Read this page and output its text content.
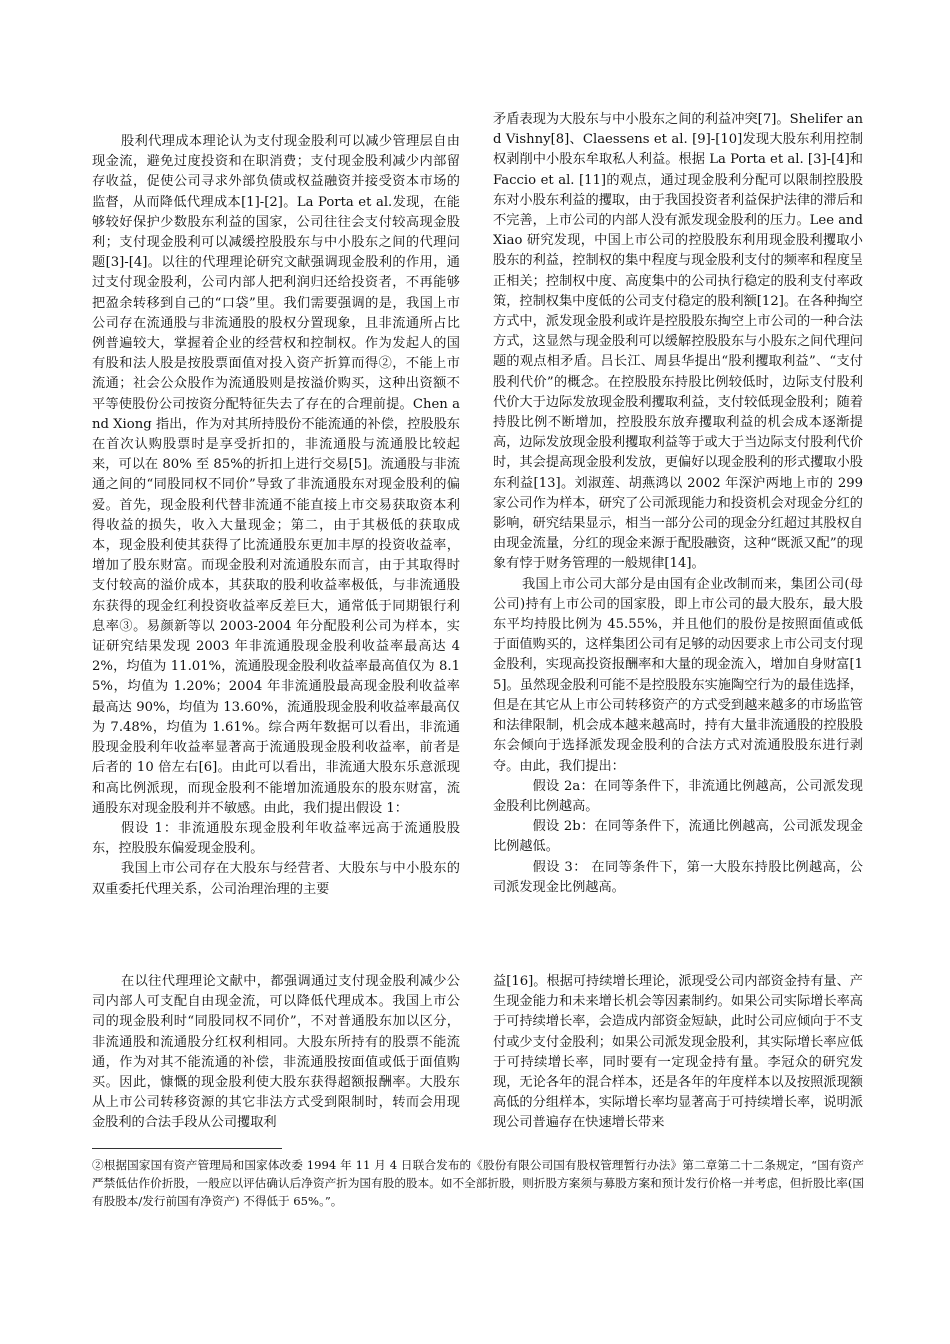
股利代理成本理论认为支付现金股利可以减少管理层自由现金流，避免过度投资和在职消费；支付现金股利减少内部留存收益，促使公司寻求外部负债或权益融资并接受资本市场的监督，从而降低代理成本[1]-[2]。La Porta et al.发现，在能够较好保护少数股东利益的国家，公司往往会支付较高现金股利；支付现金股利可以减缓控股股东与中小股东之间的代理问题[3]-[4]。以往的代理理论研究文献强调现金股利的作用，通过支付现金股利，公司内部人把利润归还给投资者，不再能够把盈余转移到自己的“口袋”里。我们需要强调的是，我国上市公司存在流通股与非流通股的股权分置现象，且非流通所占比例普遍较大，掌握着企业的经营权和控制权。作为发起人的国有股和法人股是按股票面值对投入资产折算而得②，不能上市流通；社会公众股作为流通股则是按溢价购买，这种出资额不平等使股份公司按资分配特征失去了存在的合理前提。Chen and Xiong 指出，作为对其所持股份不能流通的补偿，控股股东在首次认购股票时是享受折扣的，非流通股与流通股比较起来，可以在 80% 至 85%的折扣上进行交易[5]。流通股与非流通之间的“同股同权不同价”导致了非流通股东对现金股利的偏爱。首先，现金股利代替非流通不能直接上市交易获取资本利得收益的损失，收入大量现金；第二，由于其极低的获取成本，现金股利使其获得了比流通股东更加丰厚的投资收益率，增加了股东财富。而现金股利对流通股东而言，由于其取得时支付较高的溢价成本，其获取的股利收益率极低，与非流通股东获得的现金红利投资收益率反差巨大，通常低于同期银行利息率③。易颜新等以 2003-2004 年分配股利公司为样本，实证研究结果发现 2003 年非流通股现金股利收益率最高达 42%，均值为 11.01%，流通股现金股利收益率最高值仅为 8.15%，均值为 1.20%；2004 年非流通股最高现金股利收益率最高达 90%，均值为 13.60%，流通股现金股利收益率最高仅为 7.48%，均值为 1.61%。综合两年数据可以看出，非流通股现金股利年收益率显著高于流通股现金股利收益率，前者是后者的 10 倍左右[6]。由此可以看出，非流通大股东乐意派现和高比例派现，而现金股利不能增加流通股东的股东财富，流通股东对现金股利并不敏感。由此，我们提出假设 1：

假设 1：非流通股东现金股利年收益率远高于流通股股东，控股股东偏爱现金股利。

我国上市公司存在大股东与经营者、大股东与中小股东的双重委托代理关系，公司治理治理的主要

矛盾表现为大股东与中小股东之间的利益冲突[7]。Shelifer and Vishny[8]、Claessens et al. [9]-[10]发现大股东利用控制权剥削中小股东牟取私人利益。根据 La Porta et al. [3]-[4]和 Faccio et al. [11]的观点，通过现金股利分配可以限制控股股东对小股东利益的攫取，由于我国投资者利益保护法律的滞后和不完善，上市公司的内部人没有派发现金股利的压力。Lee and Xiao 研究发现，中国上市公司的控股股东利用现金股利攫取小股东的利益，控制权的集中程度与现金股利支付的频率和程度呈正相关；控制权中度、高度集中的公司执行稳定的股利支付率政策，控制权集中度低的公司支付稳定的股利额[12]。在各种掏空方式中，派发现金股利或许是控股股东掏空上市公司的一种合法方式，这显然与现金股利可以缓解控股股东与小股东之间代理问题的观点相矛盾。吕长江、周县华提出“股利攫取利益”、“支付股利代价”的概念。在控股股东持股比例较低时，边际支付股利代价大于边际发放现金股利攫取利益，支付较低现金股利；随着持股比例不断增加，控股股东放弃攫取利益的机会成本逐渐提高，边际发放现金股利攫取利益等于或大于当边际支付股利代价时，其会提高现金股利发放，更偏好以现金股利的形式攫取小股东利益[13]。刘淑莲、胡燕鸿以 2002 年深沪两地上市的 299 家公司作为样本，研究了公司派现能力和投资机会对现金分红的影响，研究结果显示，相当一部分公司的现金分红超过其股权自由现金流量，分红的现金来源于配股融资，这种“既派又配”的现象有悖于财务管理的一般规律[14]。

我国上市公司大部分是由国有企业改制而来，集团公司(母公司)持有上市公司的国家股，即上市公司的最大股东，最大股东平均持股比例为 45.55%，并且他们的股份是按照面值或低于面值购买的，这样集团公司有足够的动因要求上市公司支付现金股利，实现高投资报酬率和大量的现金流入，增加自身财富[15]。虽然现金股利可能不是控股股东实施陶空行为的最佳选择，但是在其它从上市公司转移资产的方式受到越来越多的市场监管和法律限制，机会成本越来越高时，持有大量非流通股的控股股东会倾向于选择派发现金股利的合法方式对流通股股东进行剥夺。由此，我们提出：

假设 2a：在同等条件下，非流通比例越高，公司派发现金股利比例越高。

假设 2b：在同等条件下，流通比例越高，公司派发现金比例越低。

假设 3： 在同等条件下，第一大股东持股比例越高，公司派发现金比例越高。

在以往代理理论文献中，都强调通过支付现金股利减少公司内部人可支配自由现金流，可以降低代理成本。我国上市公司的现金股利时“同股同权不同价”，不对普通股东加以区分，非流通股和流通股分红权利相同。大股东所持有的股票不能流通，作为对其不能流通的补偿，非流通股按面值或低于面值购买。因此，慷慨的现金股利使大股东获得超额报酬率。大股东从上市公司转移资源的其它非法方式受到限制时，转而会用现金股利的合法手段从公司攫取利

益[16]。根据可持续增长理论，派现受公司内部资金持有量、产生现金能力和未来增长机会等因素制约。如果公司实际增长率高于可持续增长率，会造成内部资金短缺，此时公司应倾向于不支付或少支付金股利；如果公司派发现金股利，其实际增长率应低于可持续增长率，同时要有一定现金持有量。李冠众的研究发现，无论各年的混合样本，还是各年的年度样本以及按照派现额高低的分组样本，实际增长率均显著高于可持续增长率，说明派现公司普遍存在快速增长带来

②根据国家国有资产管理局和国家体改委 1994 年 11 月 4 日联合发布的《股份有限公司国有股权管理暂行办法》第二章第二十二条规定，“国有资产严禁低估作价折股，一般应以评估确认后净资产折为国有股的股本。如不全部折股，则折股方案须与募股方案和预计发行价格一并考虑，但折股比率(国有股股本/发行前国有净资产) 不得低于 65%。”。
